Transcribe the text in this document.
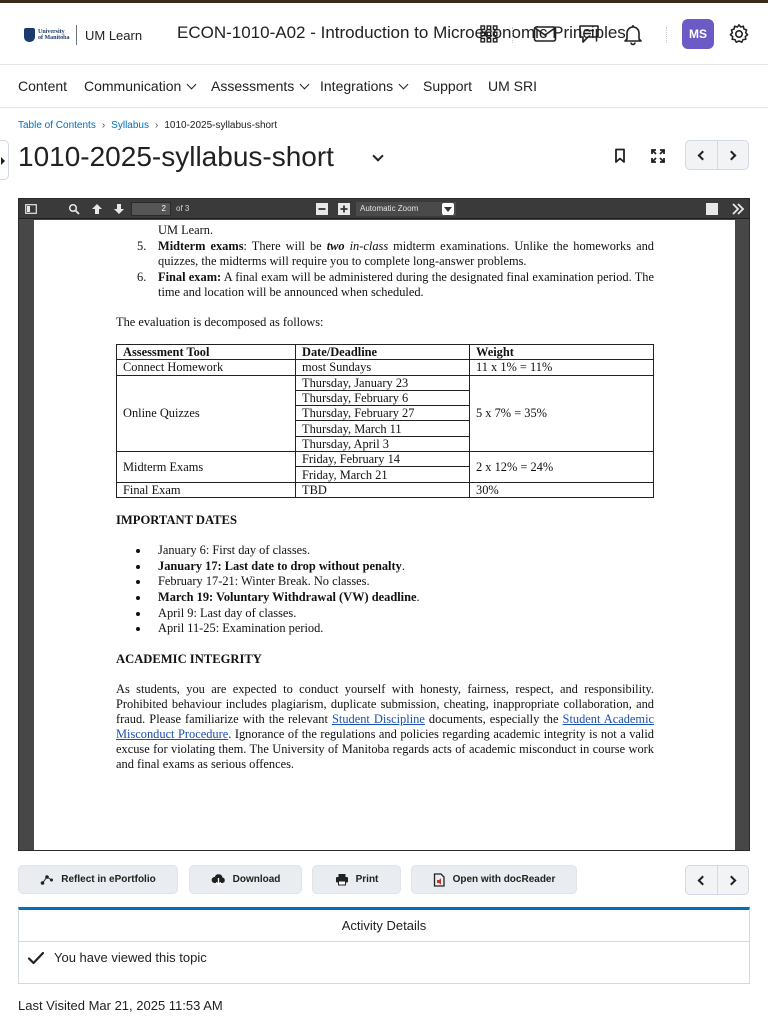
University
of Manitoba UM Learn ECON-1010-A02 - Introduction to Microeconomic Principles	MS
Content Communication Assessments Integrations Support UM SRI
Table of Contents › Syllabus › 1010-2025-syllabus-short
1010-2025-syllabus-short
2	of 3	Automatic Zoom
UM Learn.
5. Midterm exams: There will be two in-class midterm examinations. Unlike the homeworks and quizzes, the midterms will require you to complete long-answer problems.
6. Final exam: A final exam will be administered during the designated final examination period. The time and location will be announced when scheduled.
The evaluation is decomposed as follows:
Assessment Tool	Date/Deadline	Weight
Connect Homework	most Sundays	11 x 1% = 11%
Online Quizzes	Thursday, January 23	5 x 7% = 35%
	Thursday, February 6	
	Thursday, February 27	
	Thursday, March 11	
	Thursday, April 3	
Midterm Exams	Friday, February 14	2 x 12% = 24%
	Friday, March 21	
Final Exam	TBD	30%
IMPORTANT DATES
January 6: First day of classes.
January 17: Last date to drop without penalty.
February 17-21: Winter Break. No classes.
March 19: Voluntary Withdrawal (VW) deadline.
April 9: Last day of classes.
April 11-25: Examination period.
ACADEMIC INTEGRITY
As students, you are expected to conduct yourself with honesty, fairness, respect, and responsibility. Prohibited behaviour includes plagiarism, duplicate submission, cheating, inappropriate collaboration, and fraud. Please familiarize with the relevant Student Discipline documents, especially the Student Academic Misconduct Procedure. Ignorance of the regulations and policies regarding academic integrity is not a valid excuse for violating them. The University of Manitoba regards acts of academic misconduct in course work and final exams as serious offences.
Reflect in ePortfolio	Download	Print	Open with docReader
Activity Details
You have viewed this topic
Last Visited Mar 21, 2025 11:53 AM
